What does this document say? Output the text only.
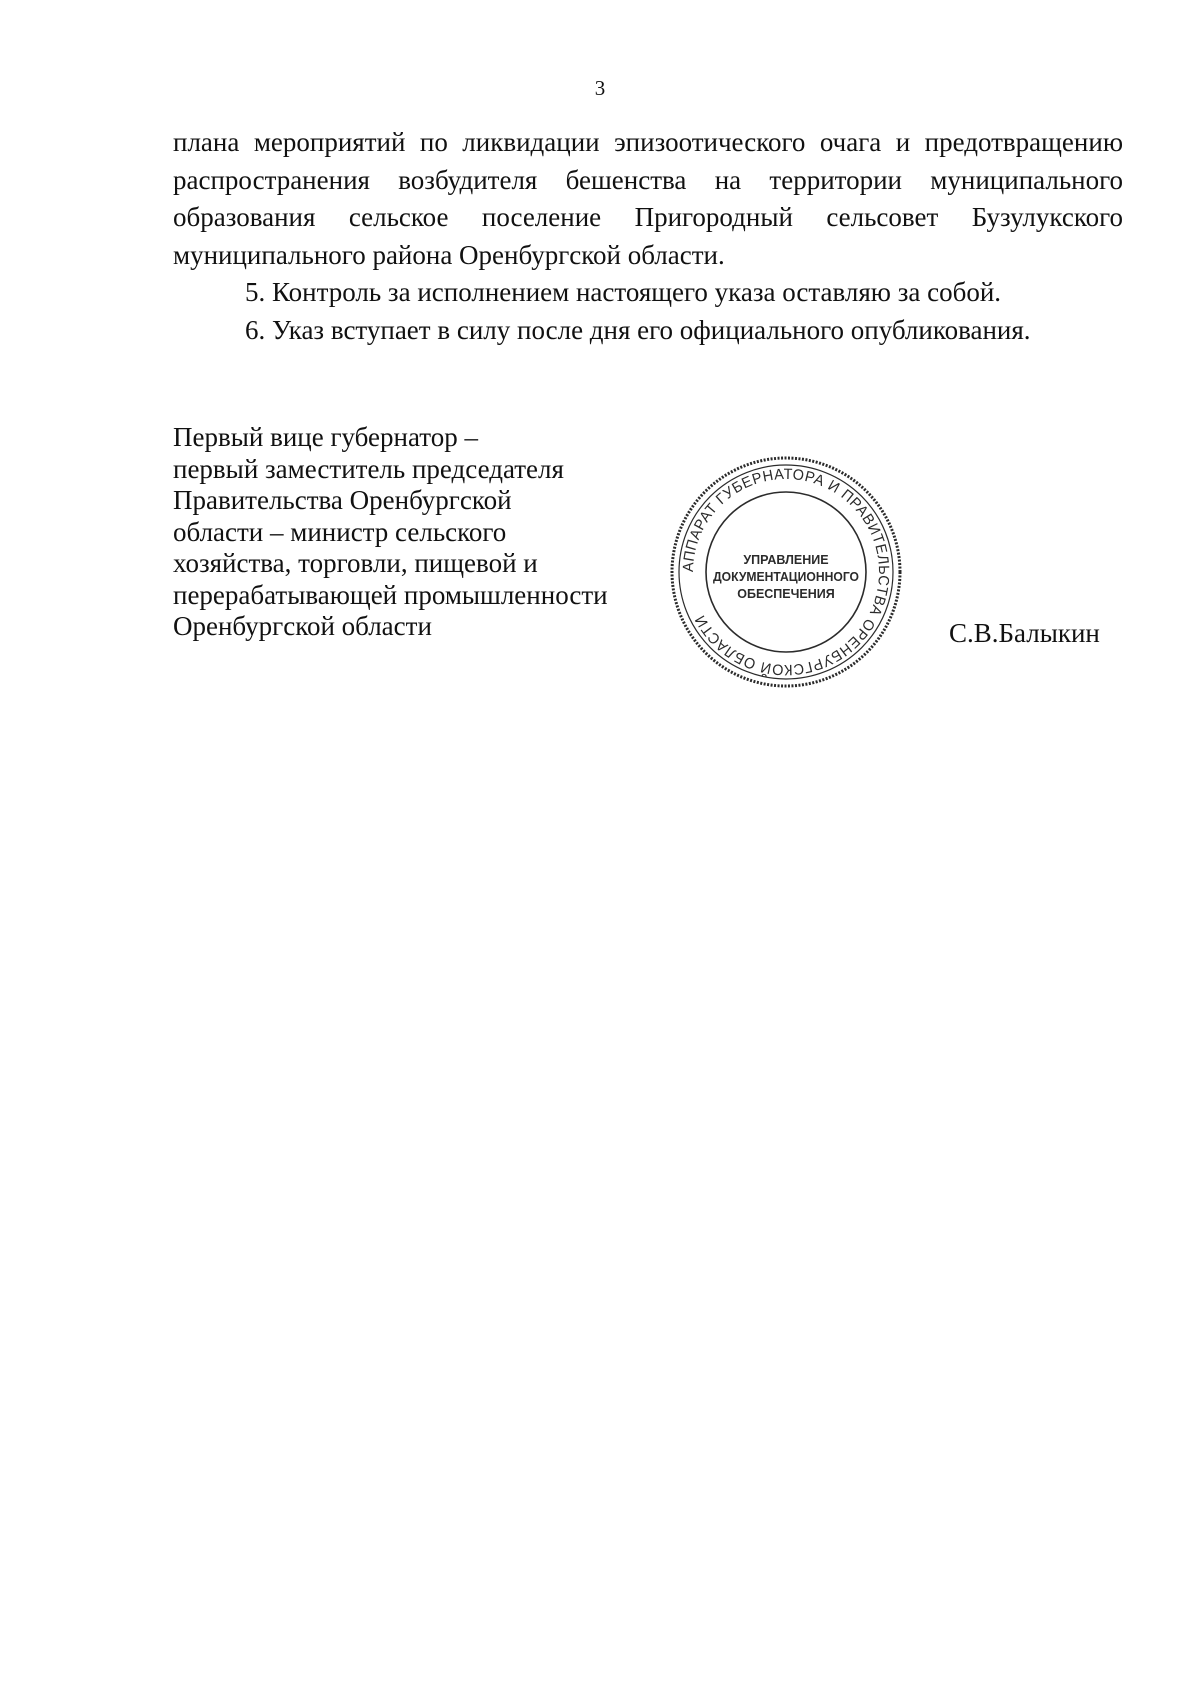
3

плана мероприятий по ликвидации эпизоотического очага и предотвращению распространения возбудителя бешенства на территории муниципального образования сельское поселение Пригородный сельсовет Бузулукского муниципального района Оренбургской области.

5. Контроль за исполнением настоящего указа оставляю за собой.

6. Указ вступает в силу после дня его официального опубликования.

Первый вице губернатор –
первый заместитель председателя
Правительства Оренбургской
области – министр сельского
хозяйства, торговли, пищевой и
перерабатывающей промышленности
Оренбургской области
АППАРАТ ГУБЕРНАТОРА И ПРАВИТЕЛЬСТВА ОРЕНБУРГСКОЙ ОБЛАСТИ
УПРАВЛЕНИЕ
ДОКУМЕНТАЦИОННОГО
ОБЕСПЕЧЕНИЯ
С.В.Балыкин
